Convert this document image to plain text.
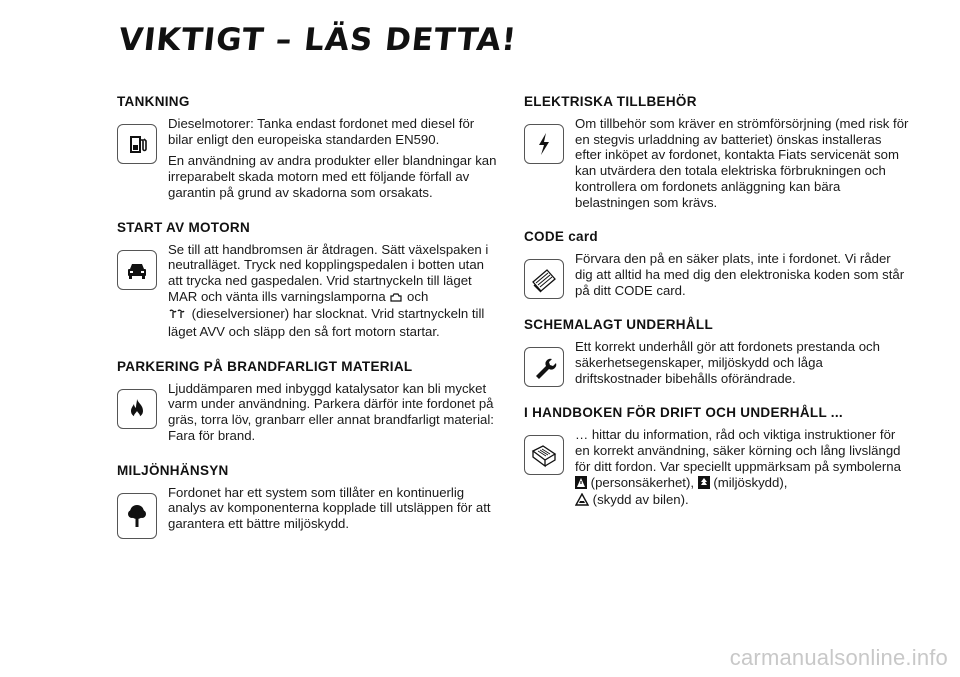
VIKTIGT – LÄS DETTA!
TANKNING

Dieselmotorer: Tanka endast fordonet med diesel för bilar enligt den europeiska standarden EN590.

En användning av andra produkter eller blandningar kan irreparabelt skada motorn med ett följande förfall av garantin på grund av skadorna som orsakats.

START AV MOTORN

Se till att handbromsen är åtdragen. Sätt växelspaken i neutralläget. Tryck ned kopplingspedalen i botten utan att trycka ned gaspedalen. Vrid startnyckeln till läget MAR och vänta ills varningslamporna och
(dieselversioner) har slocknat. Vrid startnyckeln till läget AVV och släpp den så fort motorn startar.

PARKERING PÅ BRANDFARLIGT MATERIAL

Ljuddämparen med inbyggd katalysator kan bli mycket varm under användning. Parkera därför inte fordonet på gräs, torra löv, granbarr eller annat brandfarligt material: Fara för brand.

MILJÖNHÄNSYN

Fordonet har ett system som tillåter en kontinuerlig analys av komponenterna kopplade till utsläppen för att garantera ett bättre miljöskydd.

ELEKTRISKA TILLBEHÖR

Om tillbehör som kräver en strömförsörjning (med risk för en stegvis urladdning av batteriet) önskas installeras efter inköpet av fordonet, kontakta Fiats servicenät som kan utvärdera den totala elektriska förbrukningen och kontrollera om fordonets anläggning kan bära belastningen som krävs.

CODE card

Förvara den på en säker plats, inte i fordonet. Vi råder dig att alltid ha med dig den elektroniska koden som står på ditt CODE card.

SCHEMALAGT UNDERHÅLL

Ett korrekt underhåll gör att fordonets prestanda och säkerhetsegenskaper, miljöskydd och låga driftskostnader bibehålls oförändrade.

I HANDBOKEN FÖR DRIFT OCH UNDERHÅLL ...

… hittar du information, råd och viktiga instruktioner för en korrekt användning, säker körning och lång livslängd för ditt fordon. Var speciellt uppmärksam på symbolerna  (personsäkerhet), (miljöskydd),
(skydd av bilen).

carmanualsonline.info
